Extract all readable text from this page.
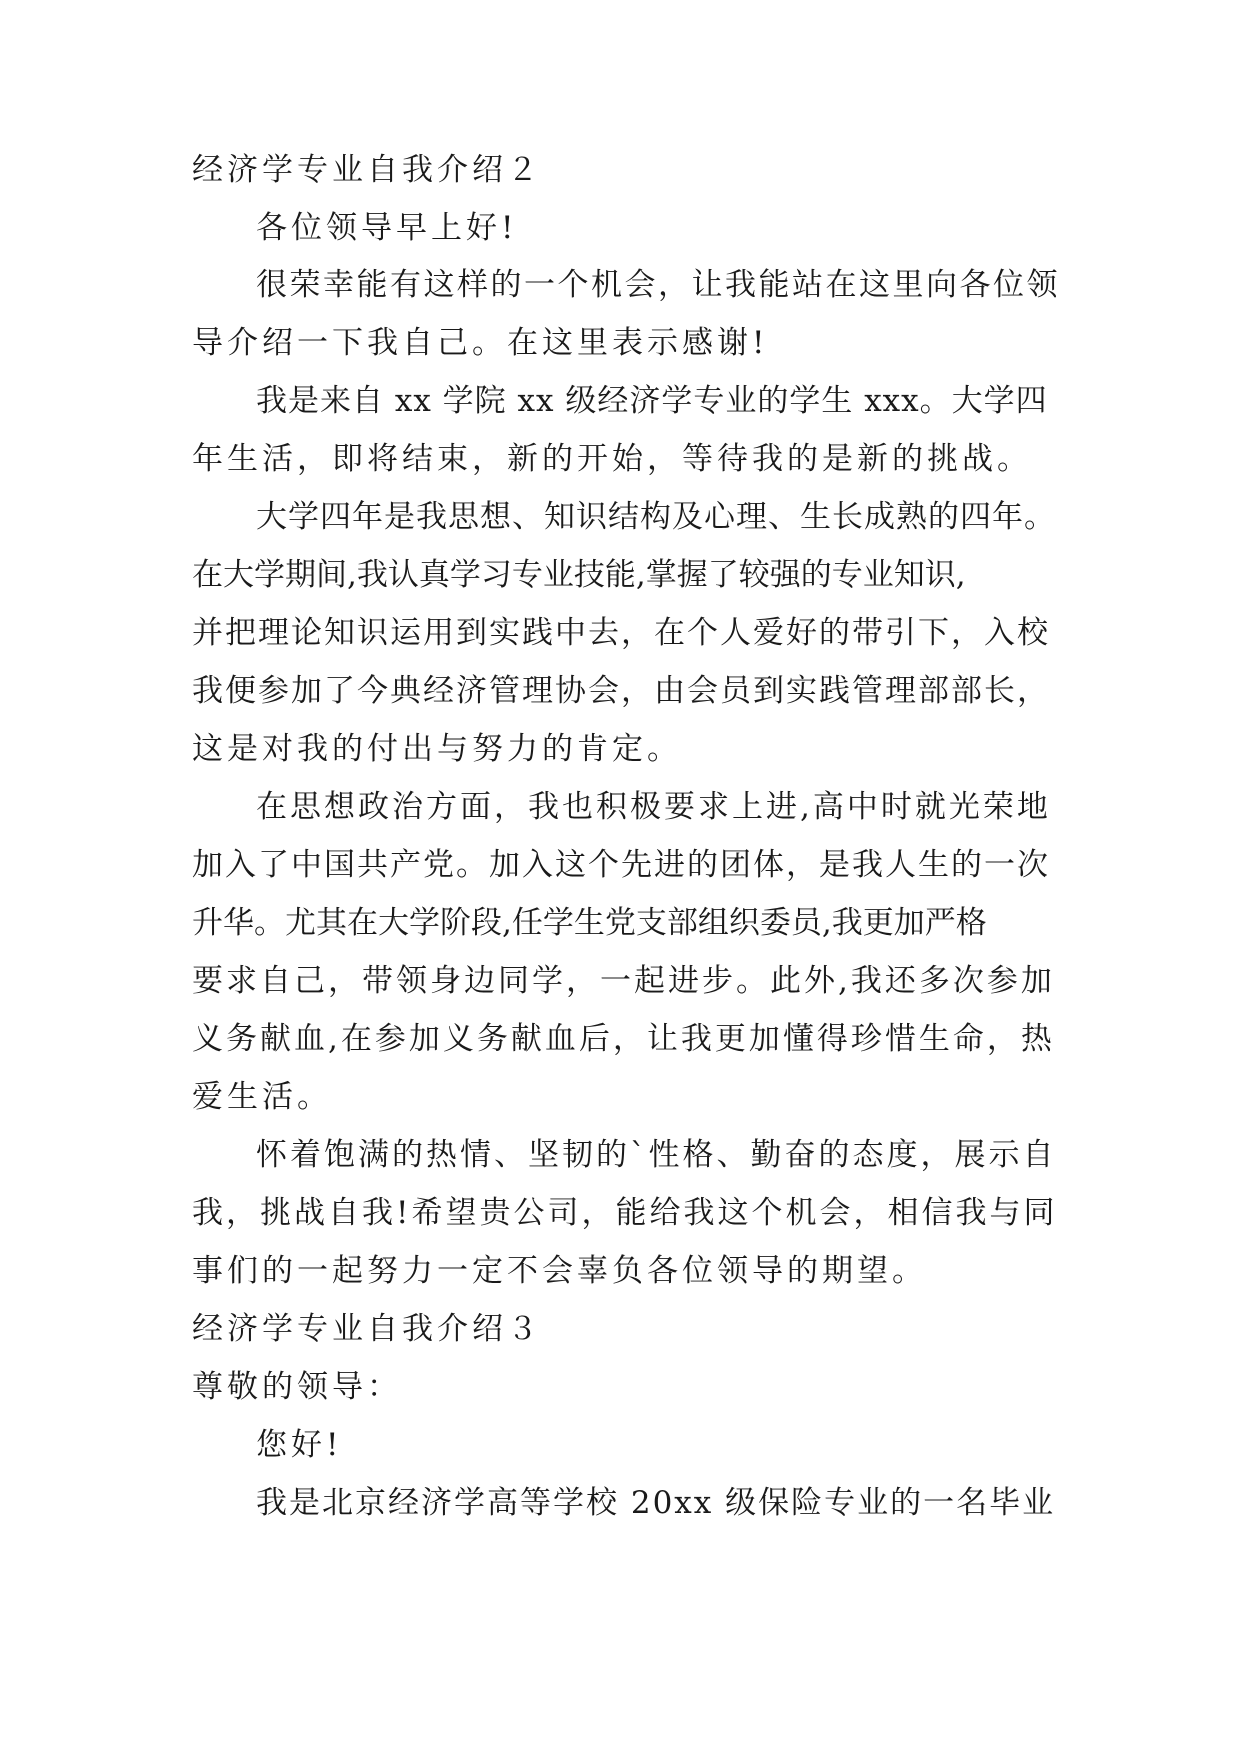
经济学专业自我介绍２
各位领导早上好!
很荣幸能有这样的一个机会，让我能站在这里向各位领
导介绍一下我自己。在这里表示感谢!
我是来自 xx 学院 xx 级经济学专业的学生 xxx。大学四
年生活，即将结束，新的开始，等待我的是新的挑战。
大学四年是我思想、知识结构及心理、生长成熟的四年。
在大学期间,我认真学习专业技能,掌握了较强的专业知识,
并把理论知识运用到实践中去，在个人爱好的带引下，入校
我便参加了今典经济管理协会，由会员到实践管理部部长，
这是对我的付出与努力的肯定。
在思想政治方面，我也积极要求上进,高中时就光荣地
加入了中国共产党。加入这个先进的团体，是我人生的一次
升华。尤其在大学阶段,任学生党支部组织委员,我更加严格
要求自己，带领身边同学，一起进步。此外,我还多次参加
义务献血,在参加义务献血后，让我更加懂得珍惜生命，热
爱生活。
怀着饱满的热情、坚韧的`性格、勤奋的态度，展示自
我，挑战自我!希望贵公司，能给我这个机会，相信我与同
事们的一起努力一定不会辜负各位领导的期望。
经济学专业自我介绍３
尊敬的领导：
您好!
我是北京经济学高等学校 20xx 级保险专业的一名毕业
